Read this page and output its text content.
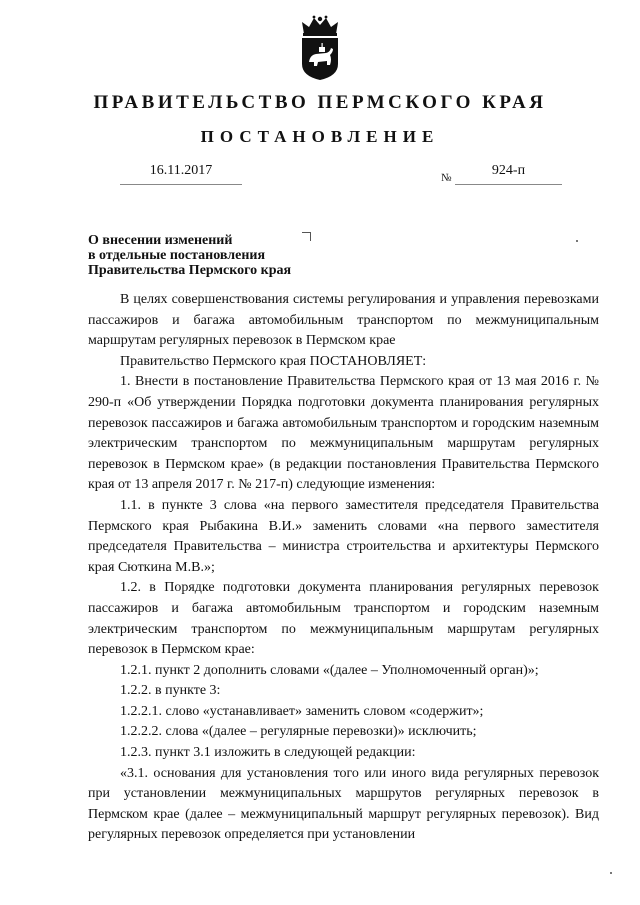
ПРАВИТЕЛЬСТВО ПЕРМСКОГО КРАЯ
ПОСТАНОВЛЕНИЕ
16.11.2017	№	924-п
О внесении изменений
в отдельные постановления
Правительства Пермского края

В целях совершенствования системы регулирования и управления перевозками пассажиров и багажа автомобильным транспортом по межмуниципальным маршрутам регулярных перевозок в Пермском крае

Правительство Пермского края ПОСТАНОВЛЯЕТ:

1. Внести в постановление Правительства Пермского края от 13 мая 2016 г. № 290-п «Об утверждении Порядка подготовки документа планирования регулярных перевозок пассажиров и багажа автомобильным транспортом и городским наземным электрическим транспортом по межмуниципальным маршрутам регулярных перевозок в Пермском крае» (в редакции постановления Правительства Пермского края от 13 апреля 2017 г. № 217-п) следующие изменения:

1.1. в пункте 3 слова «на первого заместителя председателя Правительства Пермского края Рыбакина В.И.» заменить словами «на первого заместителя председателя Правительства – министра строительства и архитектуры Пермского края Сюткина М.В.»;

1.2. в Порядке подготовки документа планирования регулярных перевозок пассажиров и багажа автомобильным транспортом и городским наземным электрическим транспортом по межмуниципальным маршрутам регулярных перевозок в Пермском крае:

1.2.1. пункт 2 дополнить словами «(далее – Уполномоченный орган)»;

1.2.2. в пункте 3:

1.2.2.1. слово «устанавливает» заменить словом «содержит»;

1.2.2.2. слова «(далее – регулярные перевозки)» исключить;

1.2.3. пункт 3.1 изложить в следующей редакции:

«3.1. основания для установления того или иного вида регулярных перевозок при установлении межмуниципальных маршрутов регулярных перевозок в Пермском крае (далее – межмуниципальный маршрут регулярных перевозок). Вид регулярных перевозок определяется при установлении
